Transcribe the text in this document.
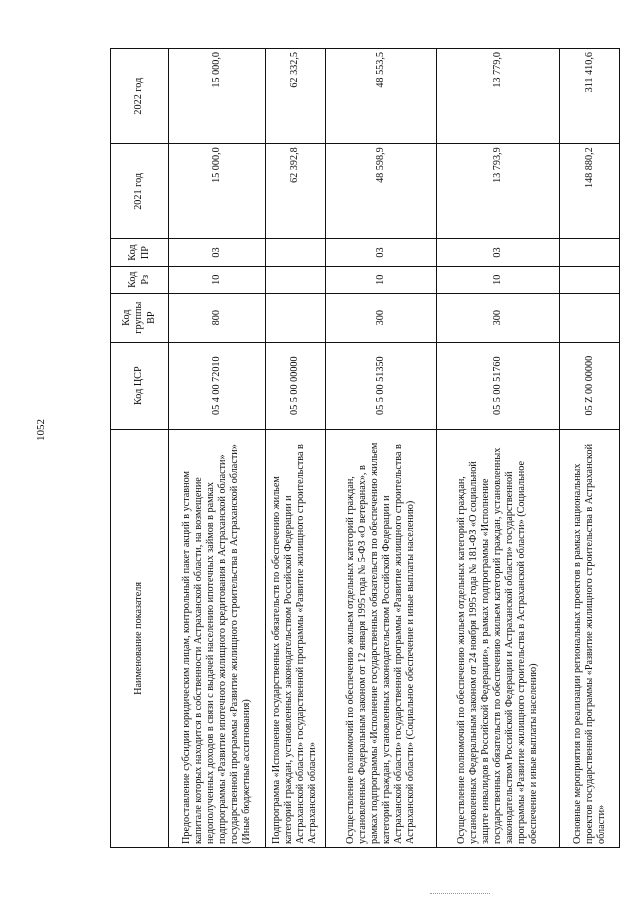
1052
Наименование показателя	Код ЦСР	Код группы ВР	Код Рз	Код ПР	2021 год	2022 год
Предоставление субсидии юридическим лицам, контрольный пакет акций в уставном капитале которых находится в собственности Астраханской области, на возмещение недополученных доходов в связи с выдачей населению ипотечных займов в рамках подпрограммы «Развитие ипотечного жилищного кредитования в Астраханской области» государственной программы «Развитие жилищного строительства в Астраханской области» (Иные бюджетные ассигнования)	05 4 00 72010	800	10	03	15 000,0	15 000,0
Подпрограмма «Исполнение государственных обязательств по обеспечению жильем категорий граждан, установленных законодательством Российской Федерации и Астраханской области» государственной программы «Развитие жилищного строительства в Астраханской области»	05 5 00 00000				62 392,8	62 332,5
Осуществление полномочий по обеспечению жильем отдельных категорий граждан, установленных Федеральным законом от 12 января 1995 года № 5-ФЗ «О ветеранах», в рамках подпрограммы «Исполнение государственных обязательств по обеспечению жильем категорий граждан, установленных законодательством Российской Федерации и Астраханской области» государственной программы «Развитие жилищного строительства в Астраханской области» (Социальное обеспечение и иные выплаты населению)	05 5 00 51350	300	10	03	48 598,9	48 553,5
Осуществление полномочий по обеспечению жильем отдельных категорий граждан, установленных Федеральным законом от 24 ноября 1995 года № 181-ФЗ «О социальной защите инвалидов в Российской Федерации», в рамках подпрограммы «Исполнение государственных обязательств по обеспечению жильем категорий граждан, установленных законодательством Российской Федерации и Астраханской области» государственной программы «Развитие жилищного строительства в Астраханской области» (Социальное обеспечение и иные выплаты населению)	05 5 00 51760	300	10	03	13 793,9	13 779,0
Основные мероприятия по реализации региональных проектов в рамках национальных проектов государственной программы «Развитие жилищного строительства в Астраханской области»	05 Z 00 00000				148 880,2	311 410,6
